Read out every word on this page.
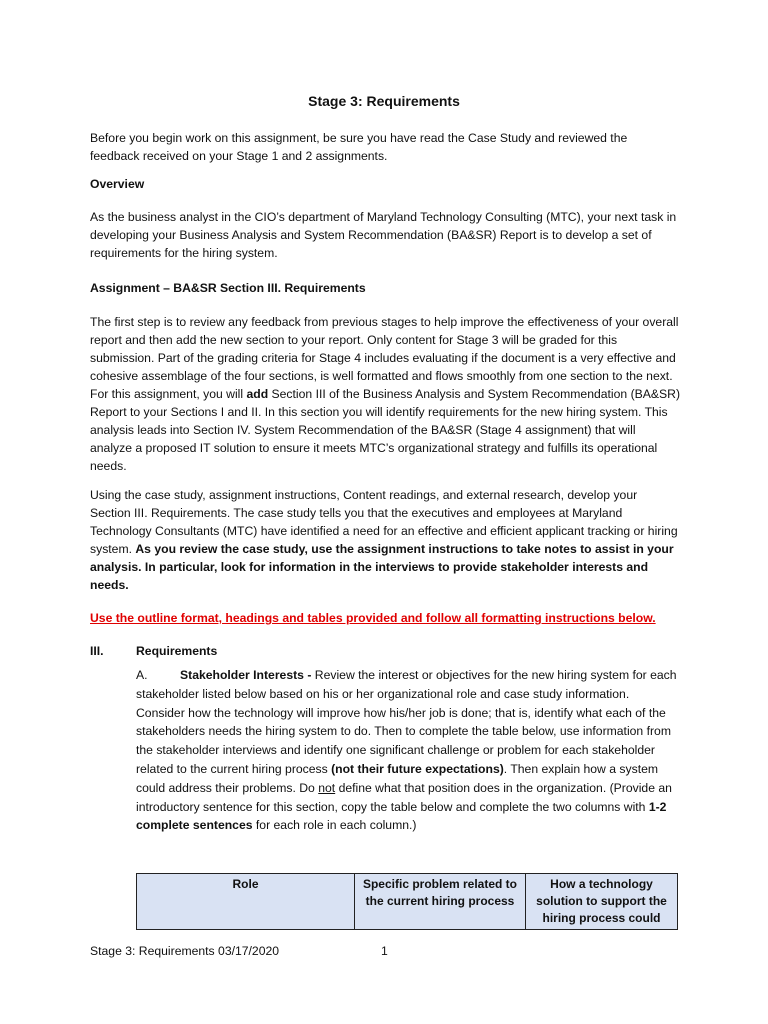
Stage 3: Requirements
Before you begin work on this assignment, be sure you have read the Case Study and reviewed the feedback received on your Stage 1 and 2 assignments.
Overview
As the business analyst in the CIO’s department of Maryland Technology Consulting (MTC), your next task in developing your Business Analysis and System Recommendation (BA&SR) Report is to develop a set of requirements for the hiring system.
Assignment – BA&SR Section III. Requirements
The first step is to review any feedback from previous stages to help improve the effectiveness of your overall report and then add the new section to your report. Only content for Stage 3 will be graded for this submission. Part of the grading criteria for Stage 4 includes evaluating if the document is a very effective and cohesive assemblage of the four sections, is well formatted and flows smoothly from one section to the next. For this assignment, you will add Section III of the Business Analysis and System Recommendation (BA&SR) Report to your Sections I and II. In this section you will identify requirements for the new hiring system. This analysis leads into Section IV. System Recommendation of the BA&SR (Stage 4 assignment) that will analyze a proposed IT solution to ensure it meets MTC’s organizational strategy and fulfills its operational needs.
Using the case study, assignment instructions, Content readings, and external research, develop your Section III. Requirements. The case study tells you that the executives and employees at Maryland Technology Consultants (MTC) have identified a need for an effective and efficient applicant tracking or hiring system. As you review the case study, use the assignment instructions to take notes to assist in your analysis. In particular, look for information in the interviews to provide stakeholder interests and needs.
Use the outline format, headings and tables provided and follow all formatting instructions below.
III.	Requirements
A.	Stakeholder Interests - Review the interest or objectives for the new hiring system for each stakeholder listed below based on his or her organizational role and case study information. Consider how the technology will improve how his/her job is done; that is, identify what each of the stakeholders needs the hiring system to do. Then to complete the table below, use information from the stakeholder interviews and identify one significant challenge or problem for each stakeholder related to the current hiring process (not their future expectations). Then explain how a system could address their problems. Do not define what that position does in the organization. (Provide an introductory sentence for this section, copy the table below and complete the two columns with 1-2 complete sentences for each role in each column.)
Role	Specific problem related to the current hiring process	How a technology solution to support the hiring process could
Stage 3: Requirements 03/17/2020	1
